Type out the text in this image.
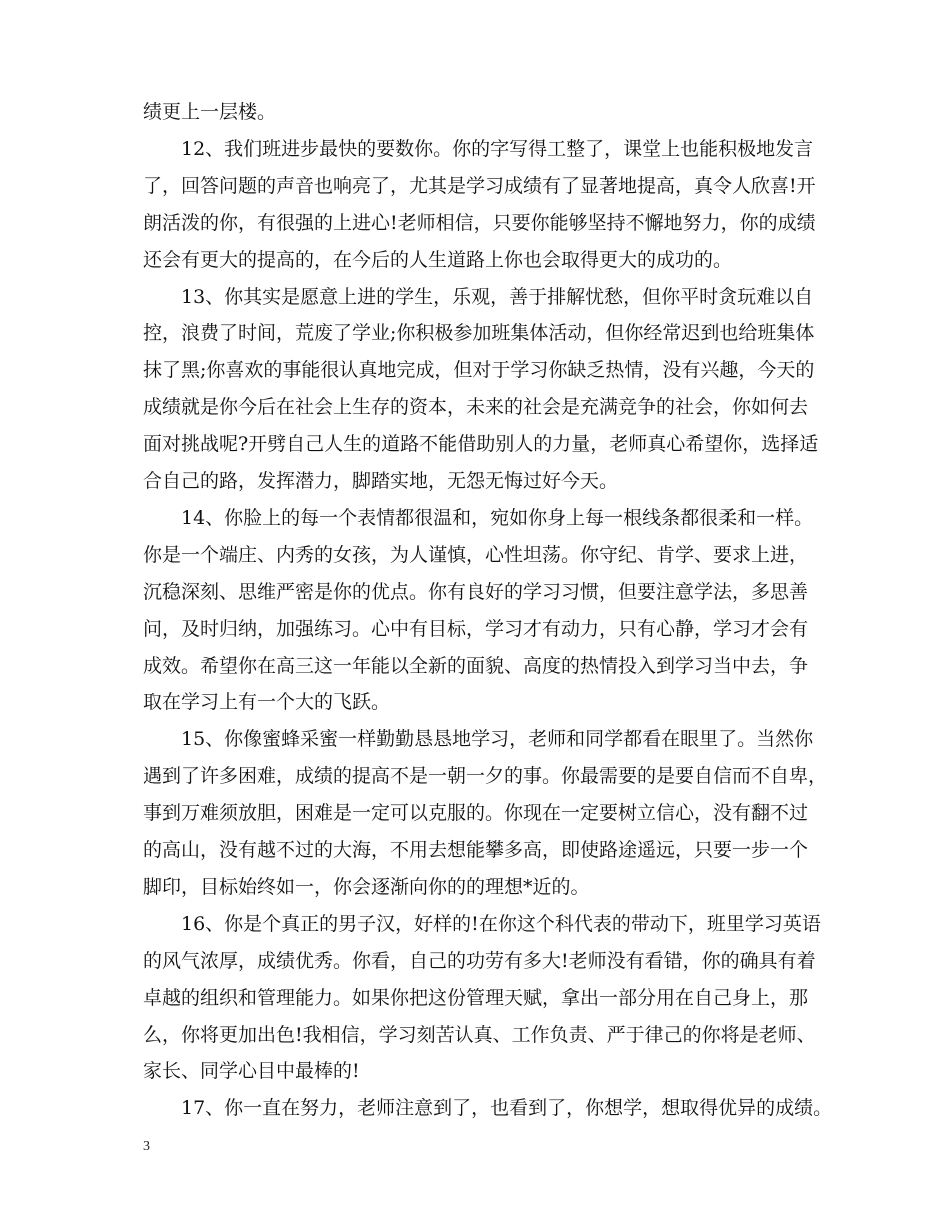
绩更上一层楼。
12、我们班进步最快的要数你。你的字写得工整了，课堂上也能积极地发言
了，回答问题的声音也响亮了，尤其是学习成绩有了显著地提高，真令人欣喜!开
朗活泼的你，有很强的上进心!老师相信，只要你能够坚持不懈地努力，你的成绩
还会有更大的提高的，在今后的人生道路上你也会取得更大的成功的。
13、你其实是愿意上进的学生，乐观，善于排解忧愁，但你平时贪玩难以自
控，浪费了时间，荒废了学业;你积极参加班集体活动，但你经常迟到也给班集体
抹了黑;你喜欢的事能很认真地完成，但对于学习你缺乏热情，没有兴趣，今天的
成绩就是你今后在社会上生存的资本，未来的社会是充满竞争的社会，你如何去
面对挑战呢?开劈自己人生的道路不能借助别人的力量，老师真心希望你，选择适
合自己的路，发挥潜力，脚踏实地，无怨无悔过好今天。
14、你脸上的每一个表情都很温和，宛如你身上每一根线条都很柔和一样。
你是一个端庄、内秀的女孩，为人谨慎，心性坦荡。你守纪、肯学、要求上进，
沉稳深刻、思维严密是你的优点。你有良好的学习习惯，但要注意学法，多思善
问，及时归纳，加强练习。心中有目标，学习才有动力，只有心静，学习才会有
成效。希望你在高三这一年能以全新的面貌、高度的热情投入到学习当中去，争
取在学习上有一个大的飞跃。
15、你像蜜蜂采蜜一样勤勤恳恳地学习，老师和同学都看在眼里了。当然你
遇到了许多困难，成绩的提高不是一朝一夕的事。你最需要的是要自信而不自卑，
事到万难须放胆，困难是一定可以克服的。你现在一定要树立信心，没有翻不过
的高山，没有越不过的大海，不用去想能攀多高，即使路途遥远，只要一步一个
脚印，目标始终如一，你会逐渐向你的的理想*近的。
16、你是个真正的男子汉，好样的!在你这个科代表的带动下，班里学习英语
的风气浓厚，成绩优秀。你看，自己的功劳有多大!老师没有看错，你的确具有着
卓越的组织和管理能力。如果你把这份管理天赋，拿出一部分用在自己身上，那
么，你将更加出色!我相信，学习刻苦认真、工作负责、严于律己的你将是老师、
家长、同学心目中最棒的!
17、你一直在努力，老师注意到了，也看到了，你想学，想取得优异的成绩。
3
